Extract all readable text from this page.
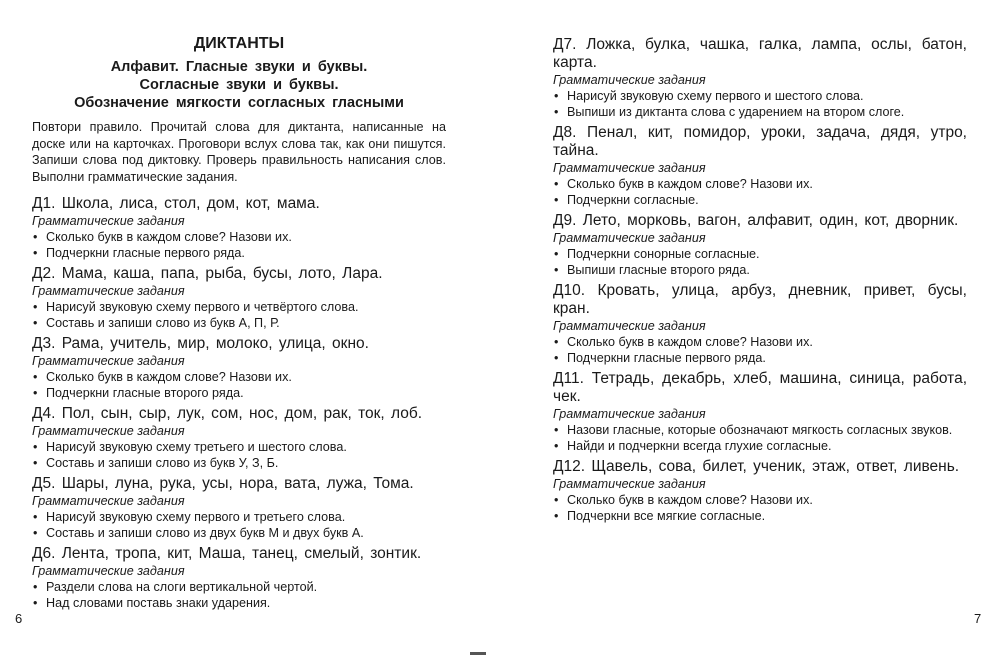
ДИКТАНТЫ
Алфавит. Гласные звуки и буквы.
Согласные звуки и буквы.
Обозначение мягкости согласных гласными
Повтори правило. Прочитай слова для диктанта, написанные на доске или на карточках. Проговори вслух слова так, как они пишутся. Запиши слова под диктовку. Проверь правильность написания слов. Выполни грамматические задания.
Д1. Школа, лиса, стол, дом, кот, мама.
Грамматические задания
• Сколько букв в каждом слове? Назови их.
• Подчеркни гласные первого ряда.
Д2. Мама, каша, папа, рыба, бусы, лото, Лара.
Грамматические задания
• Нарисуй звуковую схему первого и четвёртого слова.
• Составь и запиши слово из букв А, П, Р.
Д3. Рама, учитель, мир, молоко, улица, окно.
Грамматические задания
• Сколько букв в каждом слове? Назови их.
• Подчеркни гласные второго ряда.
Д4. Пол, сын, сыр, лук, сом, нос, дом, рак, ток, лоб.
Грамматические задания
• Нарисуй звуковую схему третьего и шестого слова.
• Составь и запиши слово из букв У, З, Б.
Д5. Шары, луна, рука, усы, нора, вата, лужа, Тома.
Грамматические задания
• Нарисуй звуковую схему первого и третьего слова.
• Составь и запиши слово из двух букв М и двух букв А.
Д6. Лента, тропа, кит, Маша, танец, смелый, зонтик.
Грамматические задания
• Раздели слова на слоги вертикальной чертой.
• Над словами поставь знаки ударения.
Д7. Ложка, булка, чашка, галка, лампа, ослы, батон, карта.
Грамматические задания
• Нарисуй звуковую схему первого и шестого слова.
• Выпиши из диктанта слова с ударением на втором слоге.
Д8. Пенал, кит, помидор, уроки, задача, дядя, утро, тайна.
Грамматические задания
• Сколько букв в каждом слове? Назови их.
• Подчеркни согласные.
Д9. Лето, морковь, вагон, алфавит, один, кот, дворник.
Грамматические задания
• Подчеркни сонорные согласные.
• Выпиши гласные второго ряда.
Д10. Кровать, улица, арбуз, дневник, привет, бусы, кран.
Грамматические задания
• Сколько букв в каждом слове? Назови их.
• Подчеркни гласные первого ряда.
Д11. Тетрадь, декабрь, хлеб, машина, синица, работа, чек.
Грамматические задания
• Назови гласные, которые обозначают мягкость согласных звуков.
• Найди и подчеркни всегда глухие согласные.
Д12. Щавель, сова, билет, ученик, этаж, ответ, ливень.
Грамматические задания
• Сколько букв в каждом слове? Назови их.
• Подчеркни все мягкие согласные.
6	7
